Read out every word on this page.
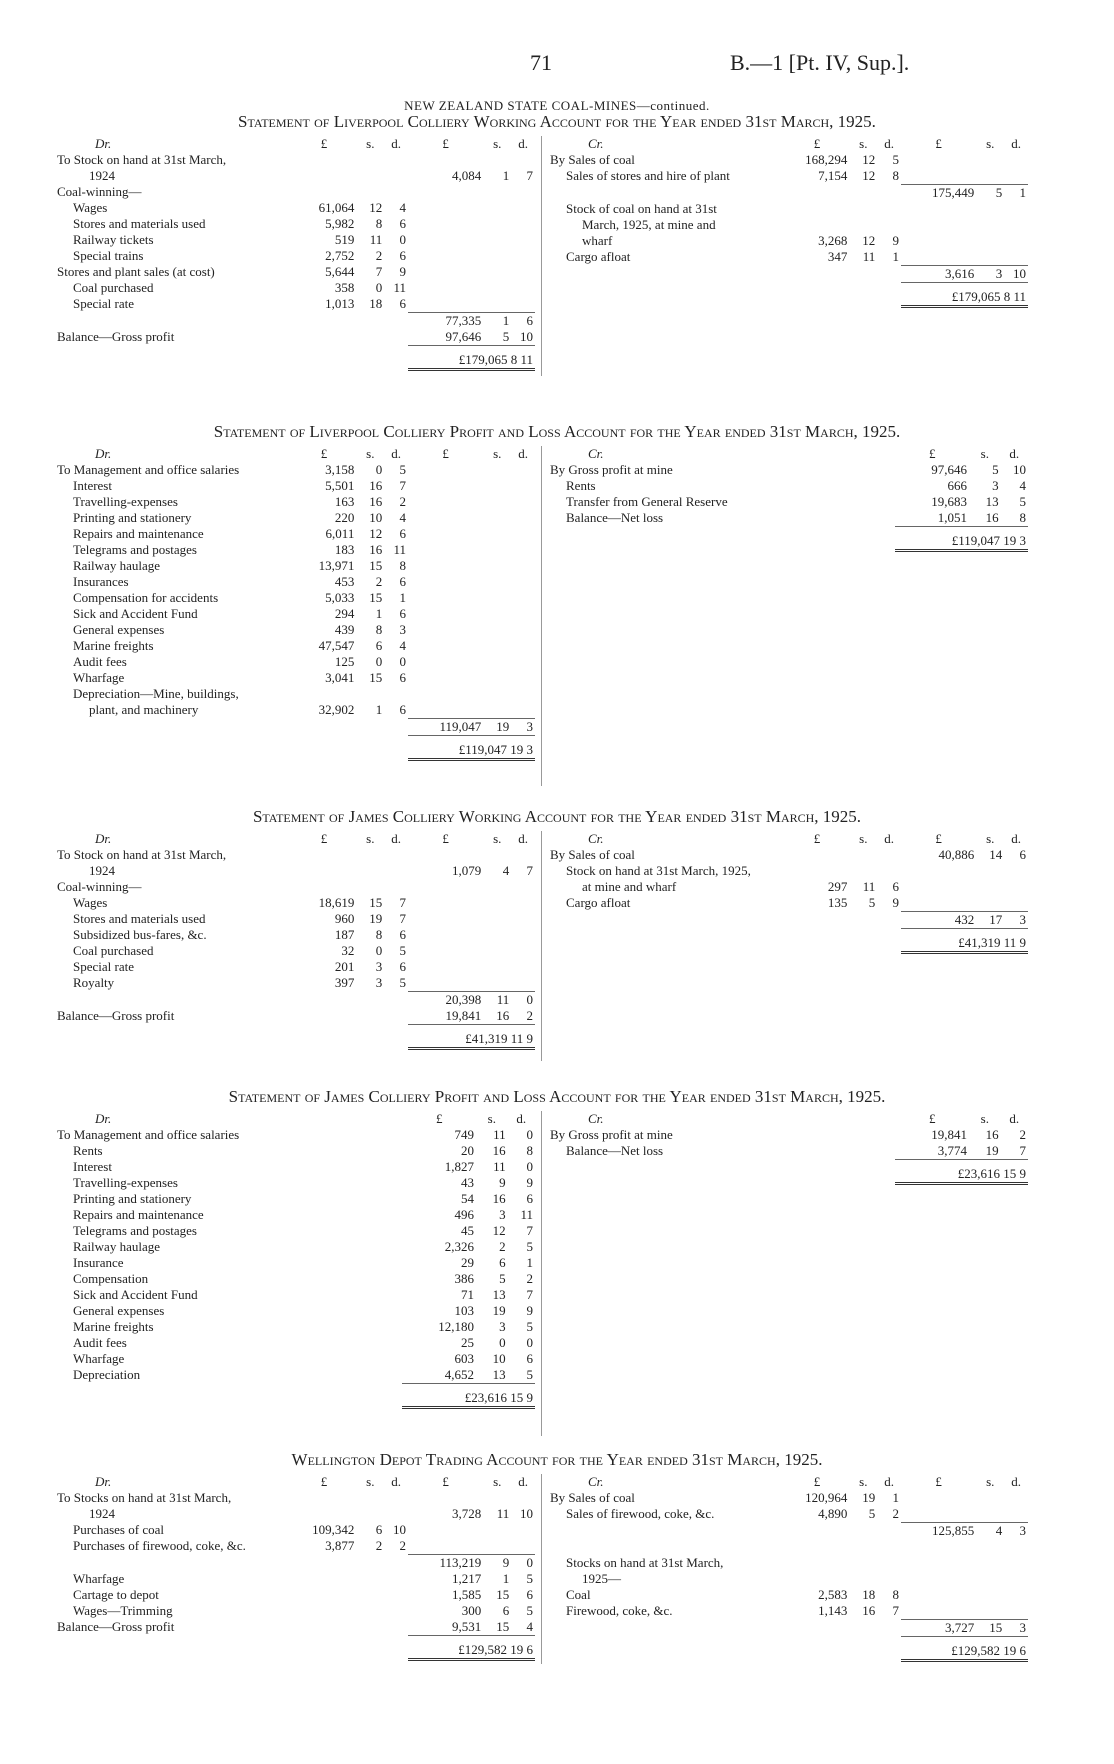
71	B.—1 [Pt. IV, Sup.].
NEW ZEALAND STATE COAL-MINES—continued.
Statement of Liverpool Colliery Working Account for the Year ended 31st March, 1925.
Dr.	£	s.	d.	£	s.	d.
To Stock on hand at 31st March,						
1924				4,084	1	7
Coal-winning—						
Wages	61,064	12	4			
Stores and materials used	5,982	8	6			
Railway tickets	519	11	0			
Special trains	2,752	2	6			
Stores and plant sales (at cost)	5,644	7	9			
Coal purchased	358	0	11			
Special rate	1,013	18	6			
				77,335	1	6
Balance—Gross profit				97,646	5	10
				£179,065 8 11		
Cr.	£	s.	d.	£	s.	d.
By Sales of coal	168,294	12	5			
Sales of stores and hire of plant	7,154	12	8			
				175,449	5	1
Stock of coal on hand at 31st						
March, 1925, at mine and						
wharf	3,268	12	9			
Cargo afloat	347	11	1			
				3,616	3	10
				£179,065 8 11		
Statement of Liverpool Colliery Profit and Loss Account for the Year ended 31st March, 1925.
Dr.	£	s.	d.	£	s.	d.
To Management and office salaries	3,158	0	5			
Interest	5,501	16	7			
Travelling-expenses	163	16	2			
Printing and stationery	220	10	4			
Repairs and maintenance	6,011	12	6			
Telegrams and postages	183	16	11			
Railway haulage	13,971	15	8			
Insurances	453	2	6			
Compensation for accidents	5,033	15	1			
Sick and Accident Fund	294	1	6			
General expenses	439	8	3			
Marine freights	47,547	6	4			
Audit fees	125	0	0			
Wharfage	3,041	15	6			
Depreciation—Mine, buildings,						
plant, and machinery	32,902	1	6			
				119,047	19	3
				£119,047 19 3		
Cr.	£	s.	d.
By Gross profit at mine	97,646	5	10
Rents	666	3	4
Transfer from General Reserve	19,683	13	5
Balance—Net loss	1,051	16	8
	£119,047 19 3		
Statement of James Colliery Working Account for the Year ended 31st March, 1925.
Dr.	£	s.	d.	£	s.	d.
To Stock on hand at 31st March,						
1924				1,079	4	7
Coal-winning—						
Wages	18,619	15	7			
Stores and materials used	960	19	7			
Subsidized bus-fares, &c.	187	8	6			
Coal purchased	32	0	5			
Special rate	201	3	6			
Royalty	397	3	5			
				20,398	11	0
Balance—Gross profit				19,841	16	2
				£41,319 11 9		
Cr.	£	s.	d.	£	s.	d.
By Sales of coal				40,886	14	6
Stock on hand at 31st March, 1925,						
at mine and wharf	297	11	6			
Cargo afloat	135	5	9			
				432	17	3
				£41,319 11 9		
Statement of James Colliery Profit and Loss Account for the Year ended 31st March, 1925.
Dr.	£	s.	d.
To Management and office salaries	749	11	0
Rents	20	16	8
Interest	1,827	11	0
Travelling-expenses	43	9	9
Printing and stationery	54	16	6
Repairs and maintenance	496	3	11
Telegrams and postages	45	12	7
Railway haulage	2,326	2	5
Insurance	29	6	1
Compensation	386	5	2
Sick and Accident Fund	71	13	7
General expenses	103	19	9
Marine freights	12,180	3	5
Audit fees	25	0	0
Wharfage	603	10	6
Depreciation	4,652	13	5
	£23,616 15 9		
Cr.	£	s.	d.
By Gross profit at mine	19,841	16	2
Balance—Net loss	3,774	19	7
	£23,616 15 9		
Wellington Depot Trading Account for the Year ended 31st March, 1925.
Dr.	£	s.	d.	£	s.	d.
To Stocks on hand at 31st March,						
1924				3,728	11	10
Purchases of coal	109,342	6	10			
Purchases of firewood, coke, &c.	3,877	2	2			
				113,219	9	0
Wharfage				1,217	1	5
Cartage to depot				1,585	15	6
Wages—Trimming				300	6	5
Balance—Gross profit				9,531	15	4
				£129,582 19 6		
Cr.	£	s.	d.	£	s.	d.
By Sales of coal	120,964	19	1			
Sales of firewood, coke, &c.	4,890	5	2			
				125,855	4	3

Stocks on hand at 31st March,						
1925—						
Coal	2,583	18	8			
Firewood, coke, &c.	1,143	16	7			
				3,727	15	3
				£129,582 19 6		
